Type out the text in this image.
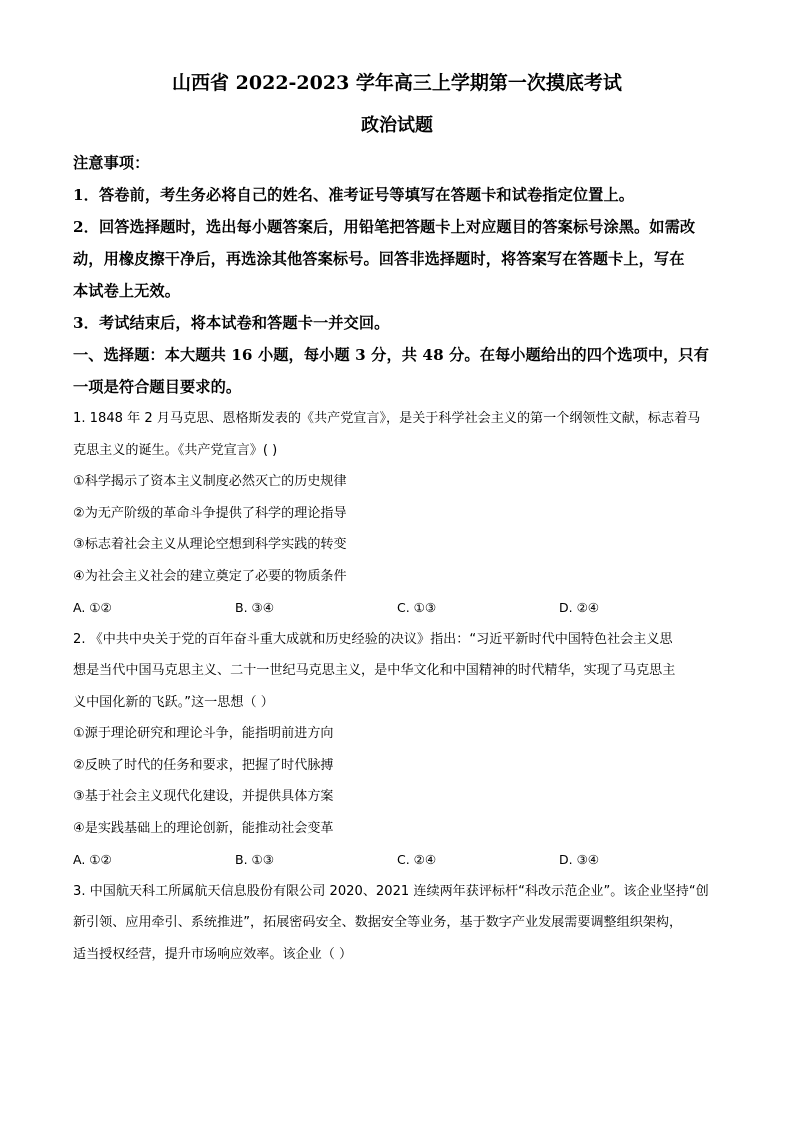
山西省 2022-2023 学年高三上学期第一次摸底考试
政治试题
注意事项：
1．答卷前，考生务必将自己的姓名、准考证号等填写在答题卡和试卷指定位置上。
2．回答选择题时，选出每小题答案后，用铅笔把答题卡上对应题目的答案标号涂黑。如需改
动，用橡皮擦干净后，再选涂其他答案标号。回答非选择题时，将答案写在答题卡上，写在
本试卷上无效。
3．考试结束后，将本试卷和答题卡一并交回。
一、选择题：本大题共 16 小题，每小题 3 分，共 48 分。在每小题给出的四个选项中，只有
一项是符合题目要求的。
1. 1848 年 2 月马克思、恩格斯发表的《共产党宣言》，是关于科学社会主义的第一个纲领性文献，标志着马
克思主义的诞生。《共产党宣言》( )
①科学揭示了资本主义制度必然灭亡的历史规律
②为无产阶级的革命斗争提供了科学的理论指导
③标志着社会主义从理论空想到科学实践的转变
④为社会主义社会的建立奠定了必要的物质条件
A. ①②	B. ③④	C. ①③	D. ②④
2. 《中共中央关于党的百年奋斗重大成就和历史经验的决议》指出：“习近平新时代中国特色社会主义思
想是当代中国马克思主义、二十一世纪马克思主义，是中华文化和中国精神的时代精华，实现了马克思主
义中国化新的飞跃。”这一思想（ ）
①源于理论研究和理论斗争，能指明前进方向
②反映了时代的任务和要求，把握了时代脉搏
③基于社会主义现代化建设，并提供具体方案
④是实践基础上的理论创新，能推动社会变革
A. ①②	B. ①③	C. ②④	D. ③④
3. 中国航天科工所属航天信息股份有限公司 2020、2021 连续两年获评标杆“科改示范企业”。该企业坚持“创
新引领、应用牵引、系统推进”，拓展密码安全、数据安全等业务，基于数字产业发展需要调整组织架构，
适当授权经营，提升市场响应效率。该企业（ ）
